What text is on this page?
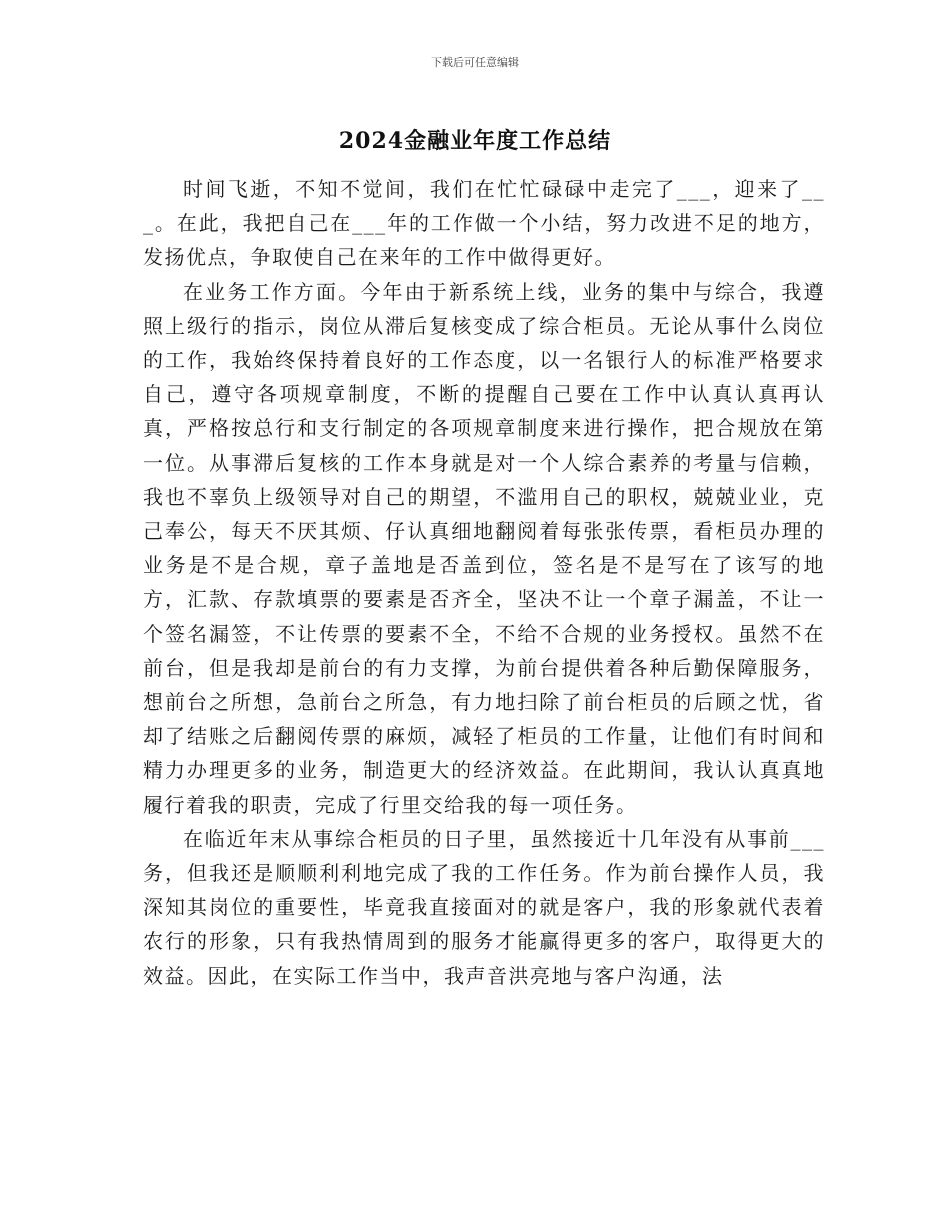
下载后可任意编辑
2024金融业年度工作总结

时间飞逝，不知不觉间，我们在忙忙碌碌中走完了___，迎来了___。在此，我把自己在___年的工作做一个小结，努力改进不足的地方，发扬优点，争取使自己在来年的工作中做得更好。

在业务工作方面。今年由于新系统上线，业务的集中与综合，我遵照上级行的指示，岗位从滞后复核变成了综合柜员。无论从事什么岗位的工作，我始终保持着良好的工作态度，以一名银行人的标准严格要求自己，遵守各项规章制度，不断的提醒自己要在工作中认真认真再认真，严格按总行和支行制定的各项规章制度来进行操作，把合规放在第一位。从事滞后复核的工作本身就是对一个人综合素养的考量与信赖，我也不辜负上级领导对自己的期望，不滥用自己的职权，兢兢业业，克己奉公，每天不厌其烦、仔认真细地翻阅着每张张传票，看柜员办理的业务是不是合规，章子盖地是否盖到位，签名是不是写在了该写的地方，汇款、存款填票的要素是否齐全，坚决不让一个章子漏盖，不让一个签名漏签，不让传票的要素不全，不给不合规的业务授权。虽然不在前台，但是我却是前台的有力支撑，为前台提供着各种后勤保障服务，想前台之所想，急前台之所急，有力地扫除了前台柜员的后顾之忧，省却了结账之后翻阅传票的麻烦，减轻了柜员的工作量，让他们有时间和精力办理更多的业务，制造更大的经济效益。在此期间，我认认真真地履行着我的职责，完成了行里交给我的每一项任务。

在临近年末从事综合柜员的日子里，虽然接近十几年没有从事前___务，但我还是顺顺利利地完成了我的工作任务。作为前台操作人员，我深知其岗位的重要性，毕竟我直接面对的就是客户，我的形象就代表着农行的形象，只有我热情周到的服务才能赢得更多的客户，取得更大的效益。因此，在实际工作当中，我声音洪亮地与客户沟通，法
